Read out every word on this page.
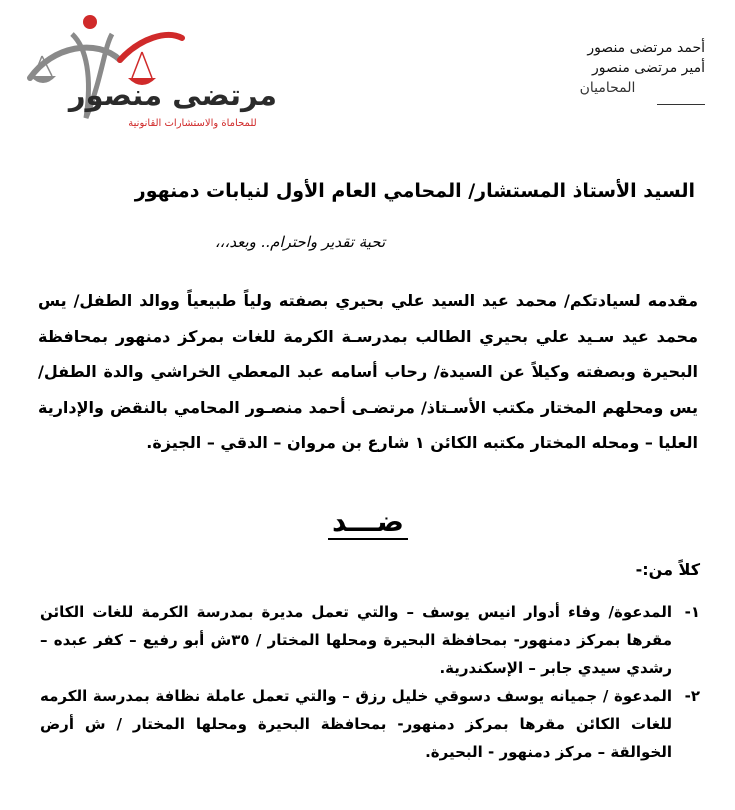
مرتضى منصور
للمحاماة والاستشارات القانونية
أحمد مرتضى منصور
أمير مرتضى منصور
المحاميان
السيد الأستاذ المستشار/ المحامي العام الأول لنيابات دمنهور
تحية تقدير واحترام.. وبعد،،،
مقدمه لسيادتكم/ محمد عيد السيد علي بحيري بصفته ولياً طبيعياً ووالد الطفل/ يس محمد عيد سـيد علي بحيري الطالب بمدرسـة الكرمة للغات بمركز دمنهور بمحافظة البحيرة وبصفته وكيلاً عن السيدة/ رحاب أسامه عبد المعطي الخراشي والدة الطفل/ يس ومحلهم المختار مكتب الأسـتاذ/ مرتضـى أحمد منصـور المحامي بالنقض والإدارية العليا – ومحله المختار مكتبه الكائن ١ شارع بن مروان – الدقي – الجيزة.
ضـــد
كلاً من:-
١-
المدعوة/ وفاء أدوار انيس يوسف – والتي تعمل مديرة بمدرسة الكرمة للغات الكائن مقرها بمركز دمنهور- بمحافظة البحيرة ومحلها المختار / ٣٥ش أبو رفيع – كفر عبده – رشدي سيدي جابر – الإسكندرية.
٢-
المدعوة / جميانه يوسف دسوقي خليل رزق – والتي تعمل عاملة نظافة بمدرسة الكرمه للغات الكائن مقرها بمركز دمنهور- بمحافظة البحيرة ومحلها المختار / ش أرض الخوالقة – مركز دمنهور - البحيرة.
